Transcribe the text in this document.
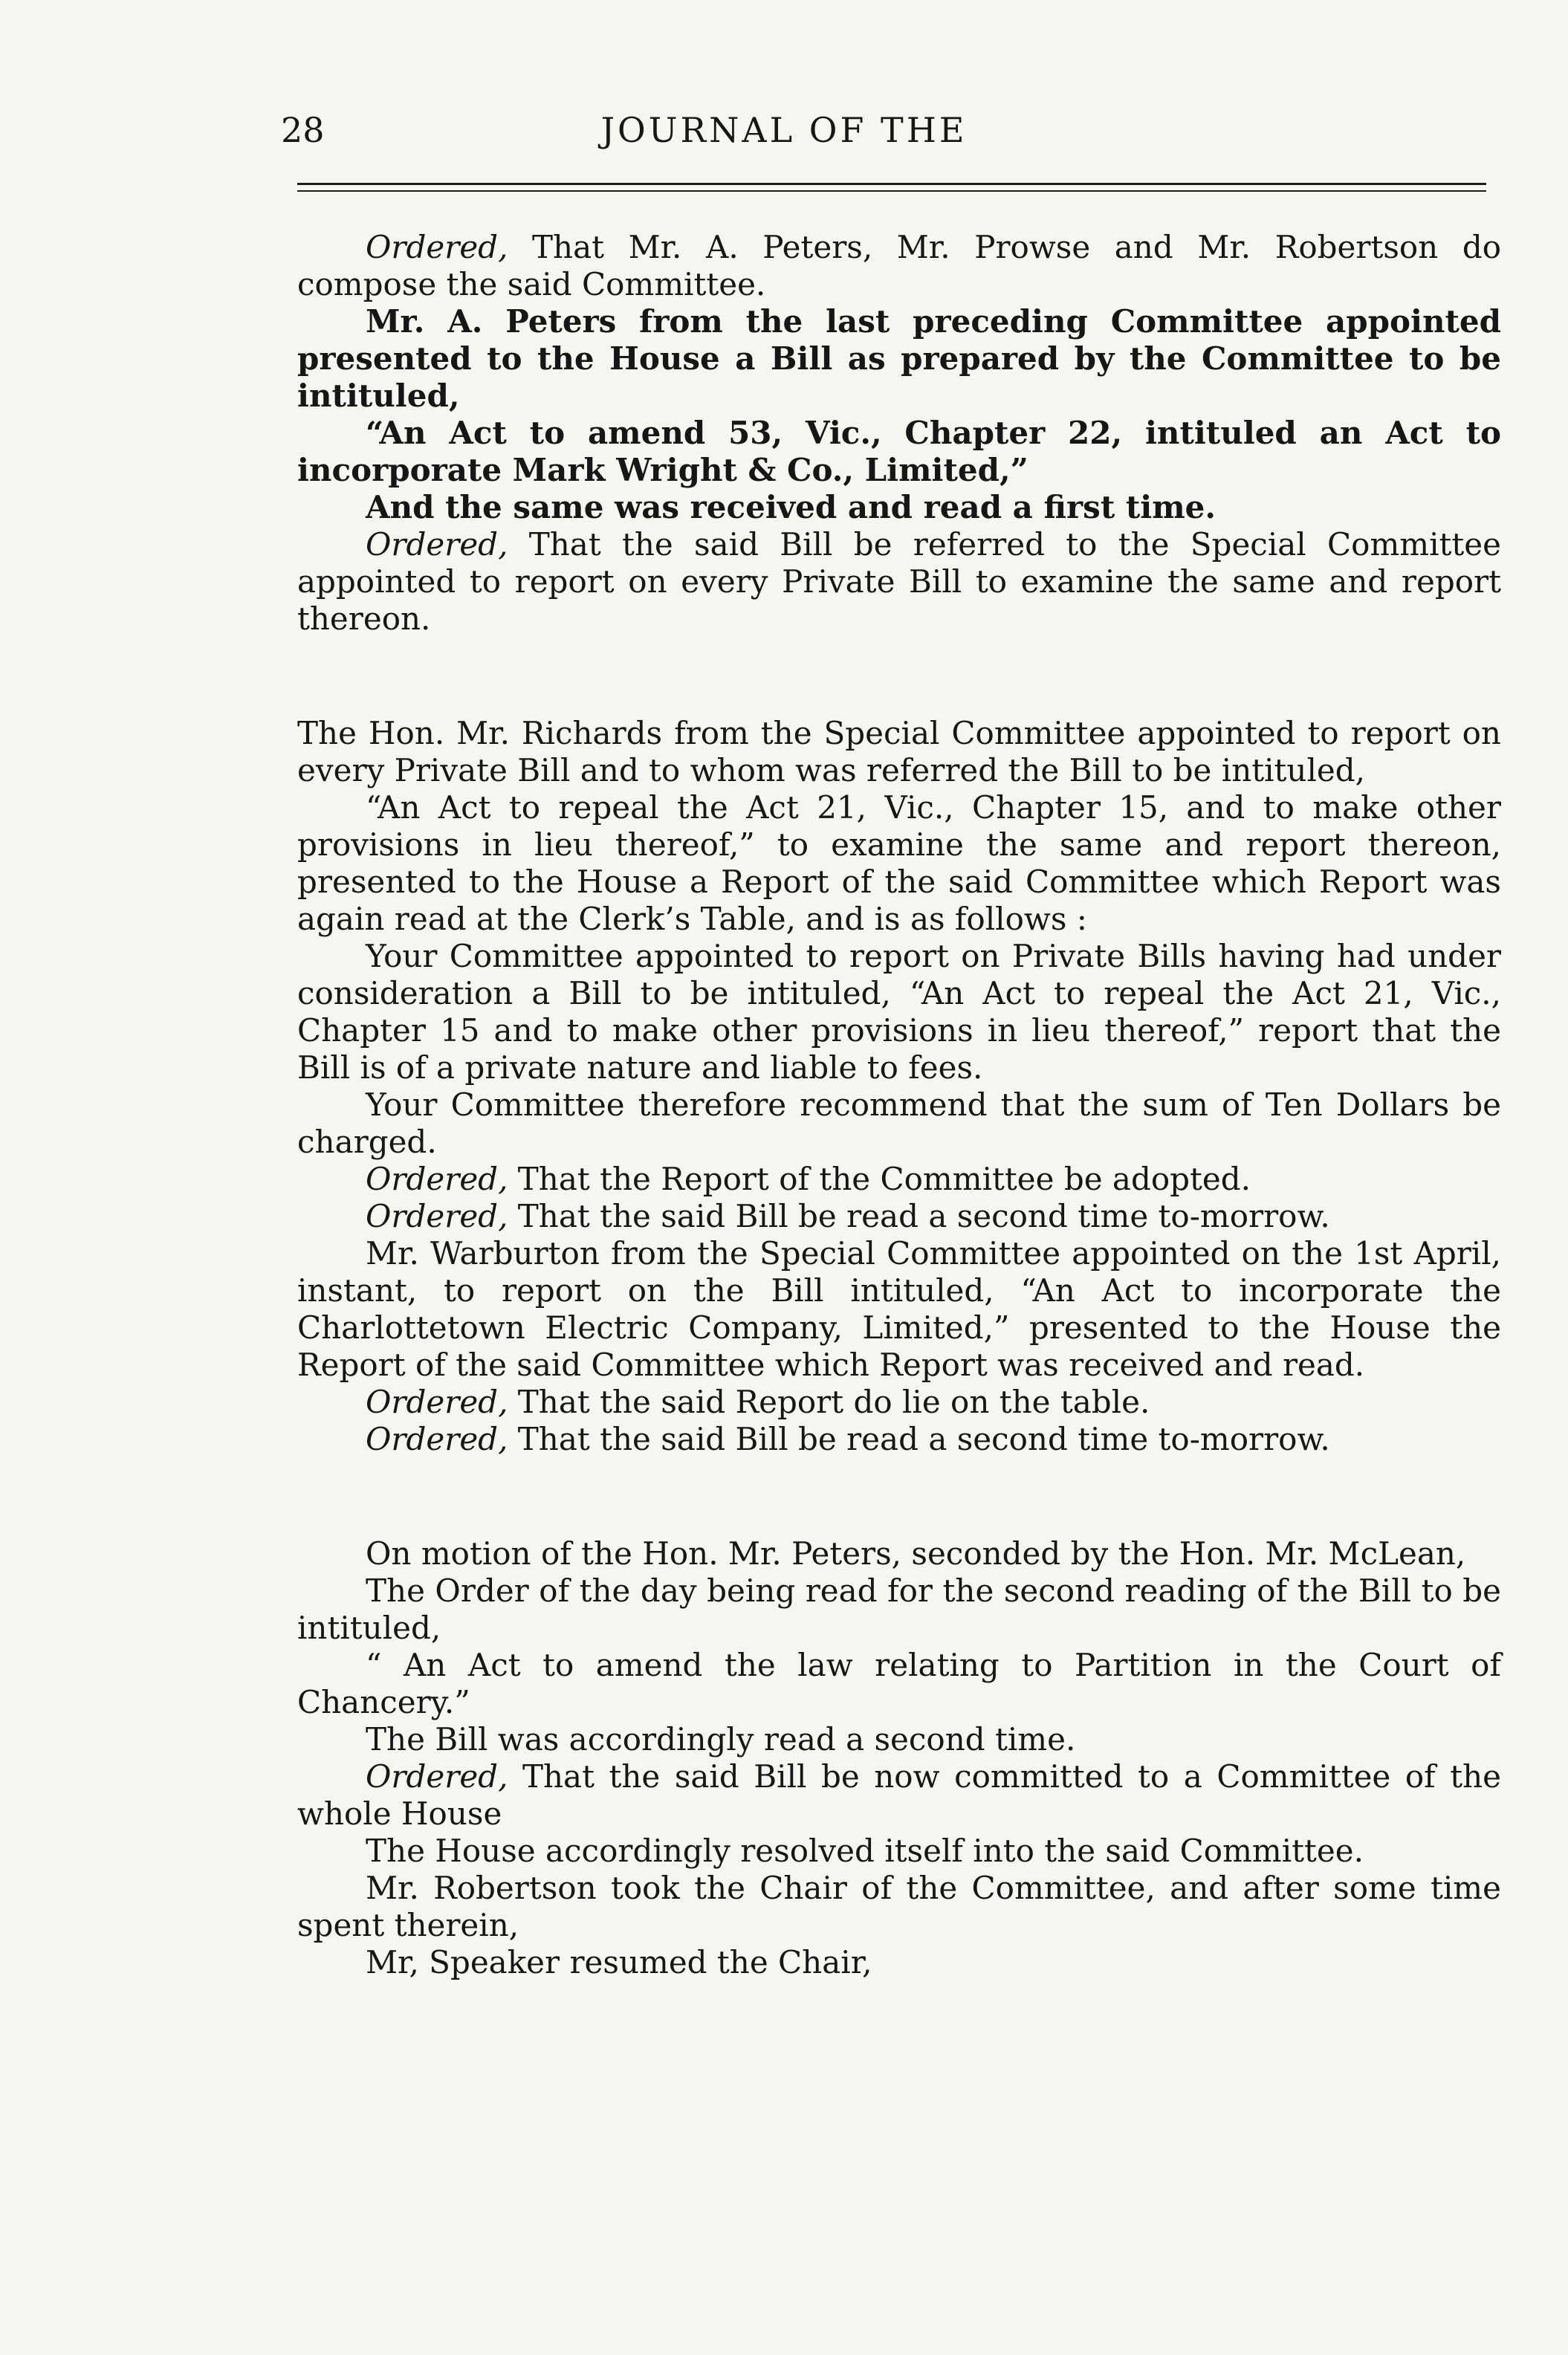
28	JOURNAL OF THE

Ordered, That Mr. A. Peters, Mr. Prowse and Mr. Robertson do compose the said Committee.

Mr. A. Peters from the last preceding Committee appointed presented to the House a Bill as prepared by the Committee to be intituled,

“An Act to amend 53, Vic., Chapter 22, intituled an Act to incorporate Mark Wright & Co., Limited,”

And the same was received and read a first time.

Ordered, That the said Bill be referred to the Special Committee appointed to report on every Private Bill to examine the same and report thereon.

The Hon. Mr. Richards from the Special Committee appointed to report on every Private Bill and to whom was referred the Bill to be intituled,

“An Act to repeal the Act 21, Vic., Chapter 15, and to make other provisions in lieu thereof,” to examine the same and report thereon, presented to the House a Report of the said Committee which Report was again read at the Clerk’s Table, and is as follows :

Your Committee appointed to report on Private Bills having had under consideration a Bill to be intituled, “An Act to repeal the Act 21, Vic., Chapter 15 and to make other provisions in lieu thereof,” report that the Bill is of a private nature and liable to fees.

Your Committee therefore recommend that the sum of Ten Dollars be charged.

Ordered, That the Report of the Committee be adopted.

Ordered, That the said Bill be read a second time to-morrow.

Mr. Warburton from the Special Committee appointed on the 1st April, instant, to report on the Bill intituled, “An Act to incorporate the Charlottetown Electric Company, Limited,” presented to the House the Report of the said Committee which Report was received and read.

Ordered, That the said Report do lie on the table.

Ordered, That the said Bill be read a second time to-morrow.

On motion of the Hon. Mr. Peters, seconded by the Hon. Mr. McLean,

The Order of the day being read for the second reading of the Bill to be intituled,

“ An Act to amend the law relating to Partition in the Court of Chancery.”

The Bill was accordingly read a second time.

Ordered, That the said Bill be now committed to a Committee of the whole House

The House accordingly resolved itself into the said Committee.

Mr. Robertson took the Chair of the Committee, and after some time spent therein,

Mr, Speaker resumed the Chair,
